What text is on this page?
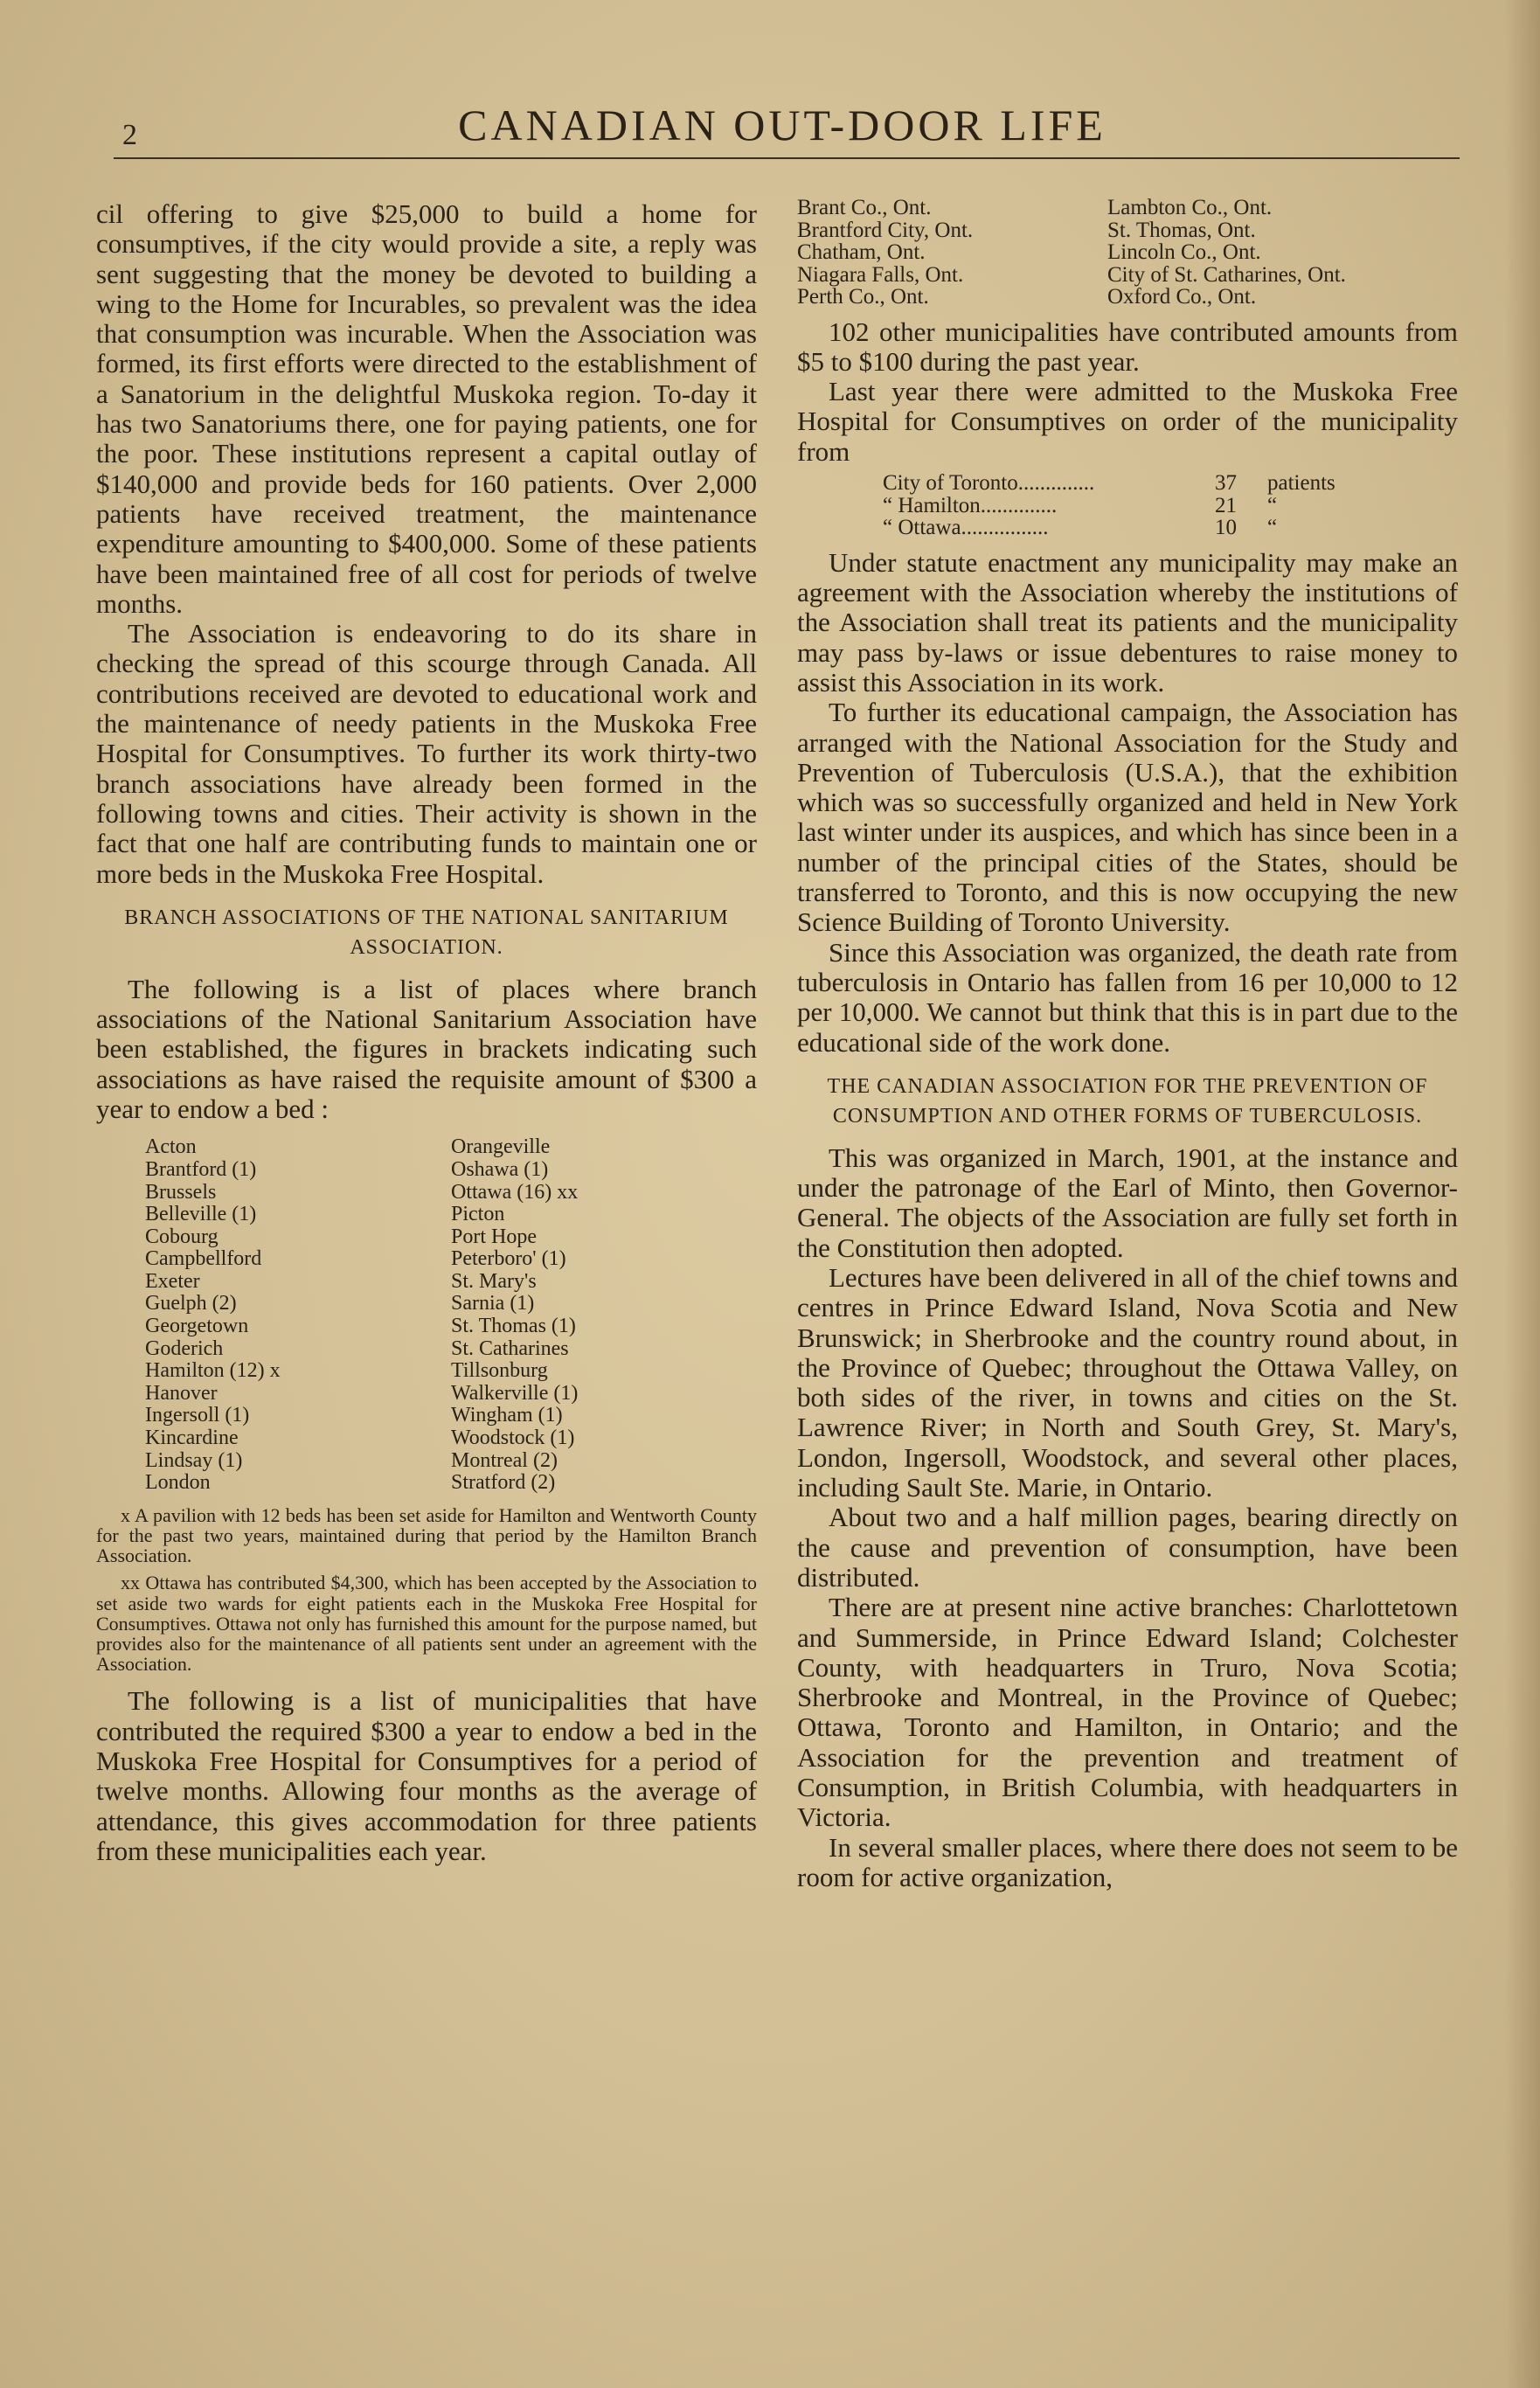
2	CANADIAN OUT-DOOR LIFE

cil offering to give $25,000 to build a home for consumptives, if the city would provide a site, a reply was sent suggesting that the money be devoted to building a wing to the Home for Incurables, so prevalent was the idea that consumption was incurable. When the Association was formed, its first efforts were directed to the establishment of a Sanatorium in the delightful Muskoka region. To-day it has two Sanatoriums there, one for paying patients, one for the poor. These institutions represent a capital outlay of $140,000 and provide beds for 160 patients. Over 2,000 patients have received treatment, the maintenance expenditure amounting to $400,000. Some of these patients have been maintained free of all cost for periods of twelve months.

The Association is endeavoring to do its share in checking the spread of this scourge through Canada. All contributions received are devoted to educational work and the maintenance of needy patients in the Muskoka Free Hospital for Consumptives. To further its work thirty-two branch associations have already been formed in the following towns and cities. Their activity is shown in the fact that one half are contributing funds to maintain one or more beds in the Muskoka Free Hospital.

BRANCH ASSOCIATIONS OF THE NATIONAL SANITARIUM ASSOCIATION.

The following is a list of places where branch associations of the National Sanitarium Association have been established, the figures in brackets indicating such associations as have raised the requisite amount of $300 a year to endow a bed :

Acton	Orangeville
Brantford (1)	Oshawa (1)
Brussels	Ottawa (16) xx
Belleville (1)	Picton
Cobourg	Port Hope
Campbellford	Peterboro' (1)
Exeter	St. Mary's
Guelph (2)	Sarnia (1)
Georgetown	St. Thomas (1)
Goderich	St. Catharines
Hamilton (12) x	Tillsonburg
Hanover	Walkerville (1)
Ingersoll (1)	Wingham (1)
Kincardine	Woodstock (1)
Lindsay (1)	Montreal (2)
London	Stratford (2)

x A pavilion with 12 beds has been set aside for Hamilton and Wentworth County for the past two years, maintained during that period by the Hamilton Branch Association.

xx Ottawa has contributed $4,300, which has been accepted by the Association to set aside two wards for eight patients each in the Muskoka Free Hospital for Consumptives. Ottawa not only has furnished this amount for the purpose named, but provides also for the maintenance of all patients sent under an agreement with the Association.

The following is a list of municipalities that have contributed the required $300 a year to endow a bed in the Muskoka Free Hospital for Consumptives for a period of twelve months. Allowing four months as the average of attendance, this gives accommodation for three patients from these municipalities each year.

Brant Co., Ont.	Lambton Co., Ont.
Brantford City, Ont.	St. Thomas, Ont.
Chatham, Ont.	Lincoln Co., Ont.
Niagara Falls, Ont.	City of St. Catharines, Ont.
Perth Co., Ont.	Oxford Co., Ont.

102 other municipalities have contributed amounts from $5 to $100 during the past year.

Last year there were admitted to the Muskoka Free Hospital for Consumptives on order of the municipality from

City of Toronto..............	37	patients
“ Hamilton..............	21	“
“ Ottawa................	10	“

Under statute enactment any municipality may make an agreement with the Association whereby the institutions of the Association shall treat its patients and the municipality may pass by-laws or issue debentures to raise money to assist this Association in its work.

To further its educational campaign, the Association has arranged with the National Association for the Study and Prevention of Tuberculosis (U.S.A.), that the exhibition which was so successfully organized and held in New York last winter under its auspices, and which has since been in a number of the principal cities of the States, should be transferred to Toronto, and this is now occupying the new Science Building of Toronto University.

Since this Association was organized, the death rate from tuberculosis in Ontario has fallen from 16 per 10,000 to 12 per 10,000. We cannot but think that this is in part due to the educational side of the work done.

THE CANADIAN ASSOCIATION FOR THE PREVENTION OF CONSUMPTION AND OTHER FORMS OF TUBERCULOSIS.

This was organized in March, 1901, at the instance and under the patronage of the Earl of Minto, then Governor-General. The objects of the Association are fully set forth in the Constitution then adopted.

Lectures have been delivered in all of the chief towns and centres in Prince Edward Island, Nova Scotia and New Brunswick; in Sherbrooke and the country round about, in the Province of Quebec; throughout the Ottawa Valley, on both sides of the river, in towns and cities on the St. Lawrence River; in North and South Grey, St. Mary's, London, Ingersoll, Woodstock, and several other places, including Sault Ste. Marie, in Ontario.

About two and a half million pages, bearing directly on the cause and prevention of consumption, have been distributed.

There are at present nine active branches: Charlottetown and Summerside, in Prince Edward Island; Colchester County, with headquarters in Truro, Nova Scotia; Sherbrooke and Montreal, in the Province of Quebec; Ottawa, Toronto and Hamilton, in Ontario; and the Association for the prevention and treatment of Consumption, in British Columbia, with headquarters in Victoria.

In several smaller places, where there does not seem to be room for active organization,
